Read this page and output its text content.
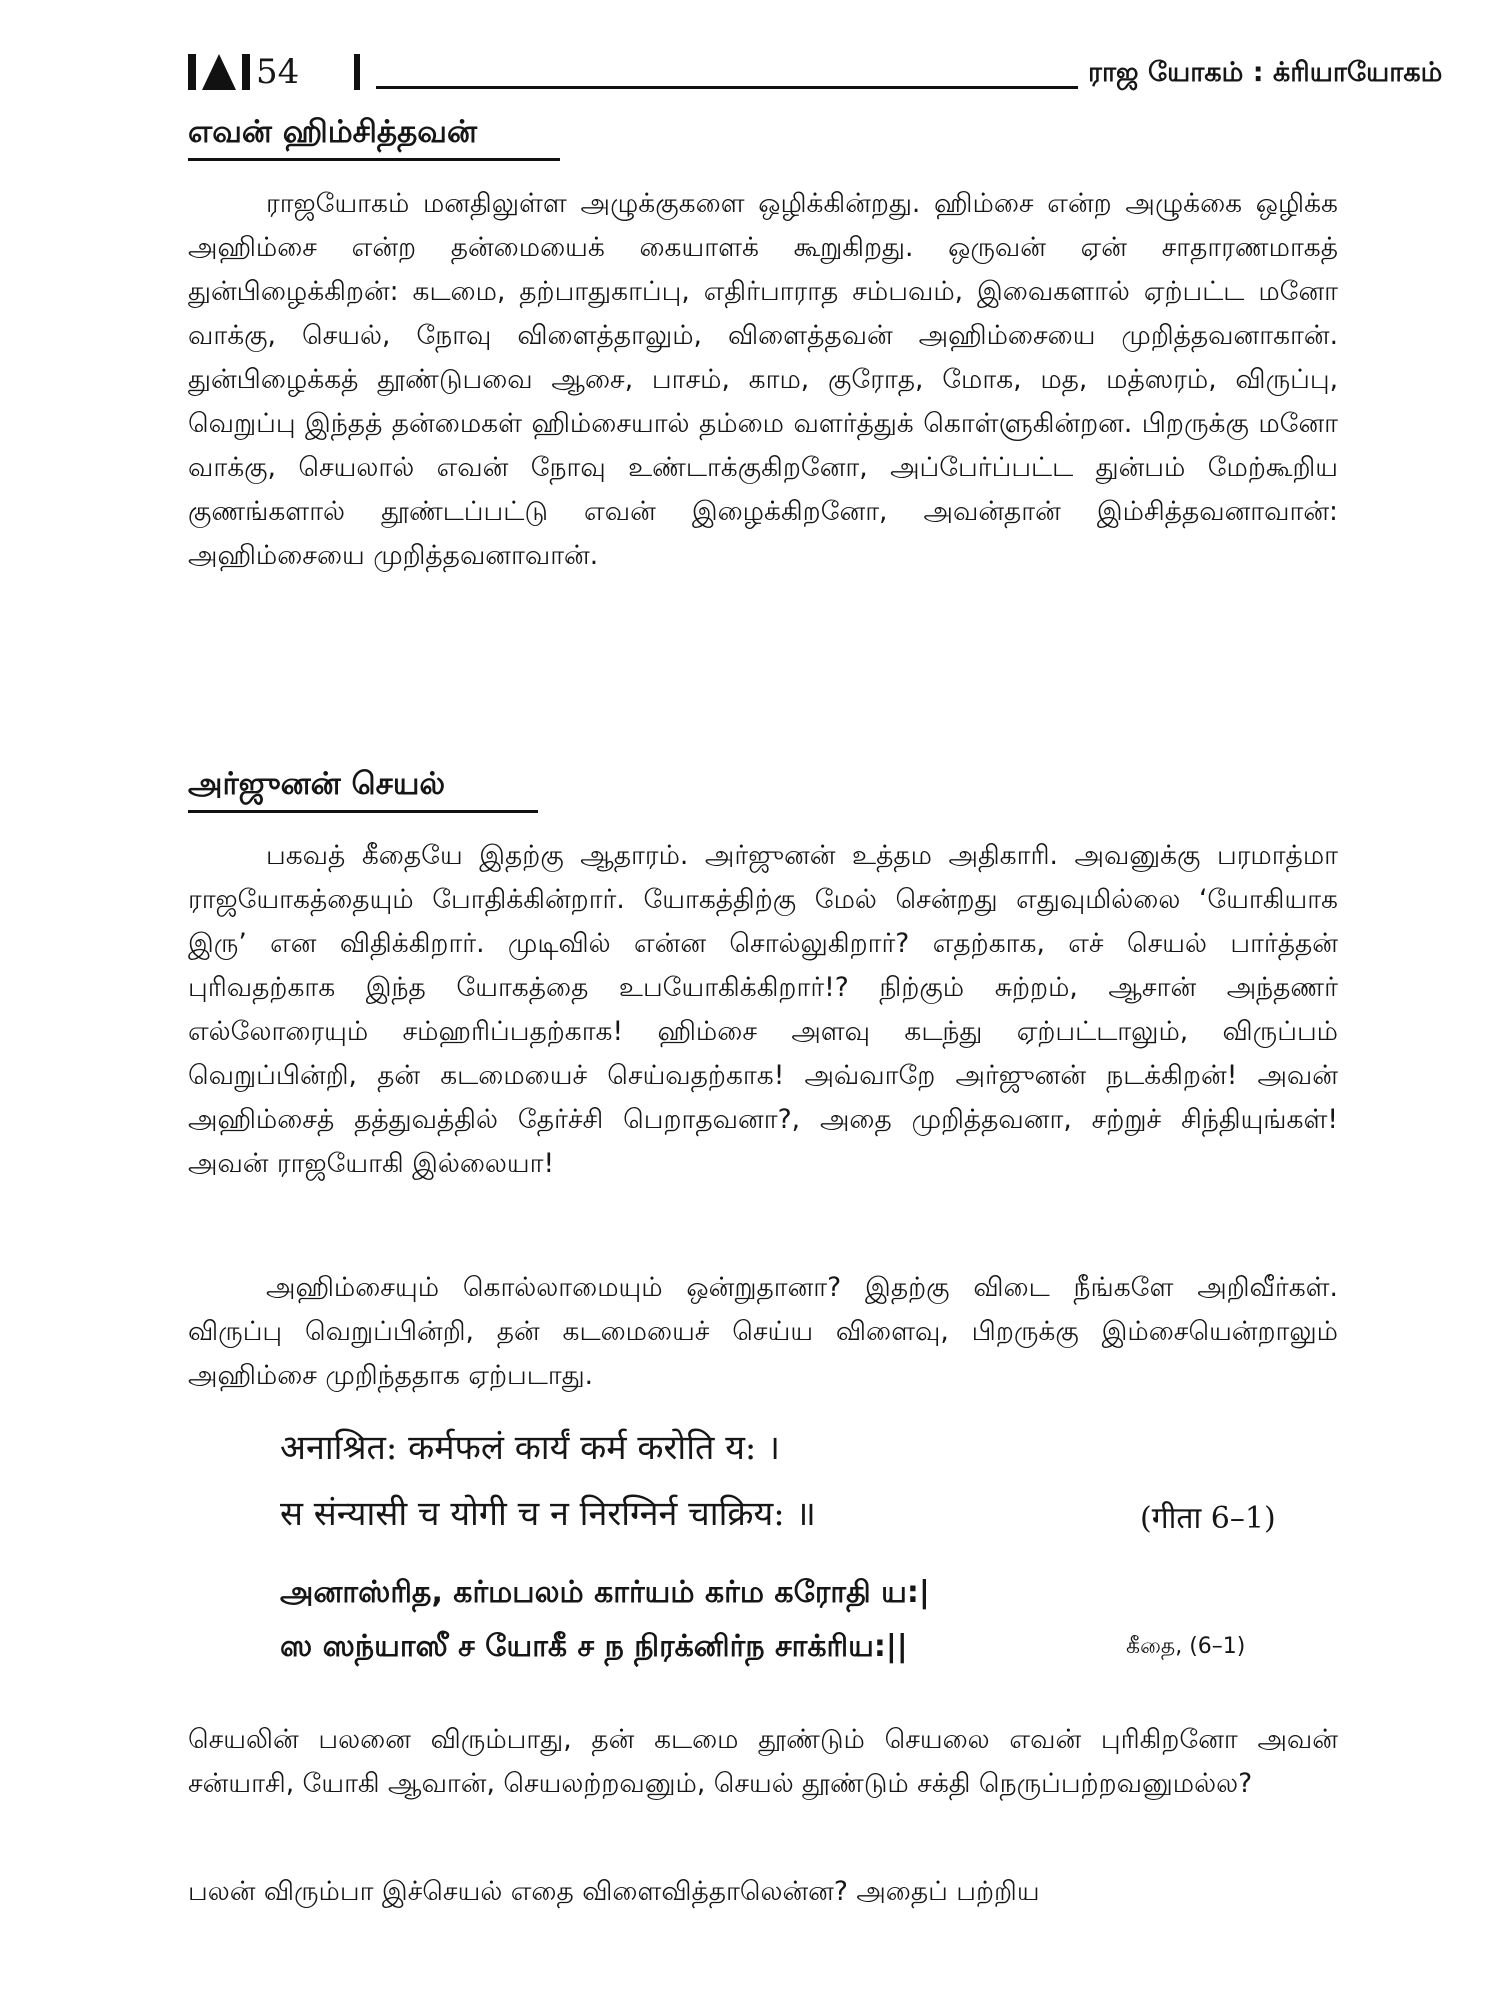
54	ராஜ யோகம் : க்ரியாயோகம்
எவன் ஹிம்சித்தவன்

ராஜயோகம் மனதிலுள்ள அழுக்குகளை ஒழிக்கின்றது. ஹிம்சை என்ற அழுக்கை ஒழிக்க அஹிம்சை என்ற தன்மையைக் கையாளக் கூறுகிறது. ஒருவன் ஏன் சாதாரணமாகத் துன்பிழைக்கிறன்: கடமை, தற்பாதுகாப்பு, எதிர்பாராத சம்பவம், இவைகளால் ஏற்பட்ட மனோ வாக்கு, செயல், நோவு விளைத்தாலும், விளைத்தவன் அஹிம்சையை முறித்தவனாகான். துன்பிழைக்கத் தூண்டுபவை ஆசை, பாசம், காம, குரோத, மோக, மத, மத்ஸரம், விருப்பு, வெறுப்பு இந்தத் தன்மைகள் ஹிம்சையால் தம்மை வளர்த்துக் கொள்ளுகின்றன. பிறருக்கு மனோ வாக்கு, செயலால் எவன் நோவு உண்டாக்குகிறனோ, அப்பேர்ப்பட்ட துன்பம் மேற்கூறிய குணங்களால் தூண்டப்பட்டு எவன் இழைக்கிறனோ, அவன்தான் இம்சித்தவனாவான்: அஹிம்சையை முறித்தவனாவான்.

அர்ஜுனன் செயல்

பகவத் கீதையே இதற்கு ஆதாரம். அர்ஜுனன் உத்தம அதிகாரி. அவனுக்கு பரமாத்மா ராஜயோகத்தையும் போதிக்கின்றார். யோகத்திற்கு மேல் சென்றது எதுவுமில்லை ‘யோகியாக இரு’ என விதிக்கிறார். முடிவில் என்ன சொல்லுகிறார்? எதற்காக, எச் செயல் பார்த்தன் புரிவதற்காக இந்த யோகத்தை உபயோகிக்கிறார்!? நிற்கும் சுற்றம், ஆசான் அந்தணர் எல்லோரையும் சம்ஹரிப்பதற்காக! ஹிம்சை அளவு கடந்து ஏற்பட்டாலும், விருப்பம் வெறுப்பின்றி, தன் கடமையைச் செய்வதற்காக! அவ்வாறே அர்ஜுனன் நடக்கிறன்! அவன் அஹிம்சைத் தத்துவத்தில் தேர்ச்சி பெறாதவனா?, அதை முறித்தவனா, சற்றுச் சிந்தியுங்கள்! அவன் ராஜயோகி இல்லையா!

அஹிம்சையும் கொல்லாமையும் ஒன்றுதானா? இதற்கு விடை நீங்களே அறிவீர்கள். விருப்பு வெறுப்பின்றி, தன் கடமையைச் செய்ய விளைவு, பிறருக்கு இம்சையென்றாலும் அஹிம்சை முறிந்ததாக ஏற்படாது.

अनाश्रित: कर्मफलं कार्यं कर्म करोति य: ।

स संन्यासी च योगी च न निरग्निर्न चाक्रिय: ॥	(गीता 6–1)

அனாஸ்ரித, கர்மபலம் கார்யம் கர்ம கரோதி ய:|

ஸ ஸந்யாஸீ ச யோகீ ச ந நிரக்னிர்ந சாக்ரிய:||	கீதை, (6–1)

செயலின் பலனை விரும்பாது, தன் கடமை தூண்டும் செயலை எவன் புரிகிறனோ அவன் சன்யாசி, யோகி ஆவான், செயலற்றவனும், செயல் தூண்டும் சக்தி நெருப்பற்றவனுமல்ல?

பலன் விரும்பா இச்செயல் எதை விளைவித்தாலென்ன? அதைப் பற்றிய
